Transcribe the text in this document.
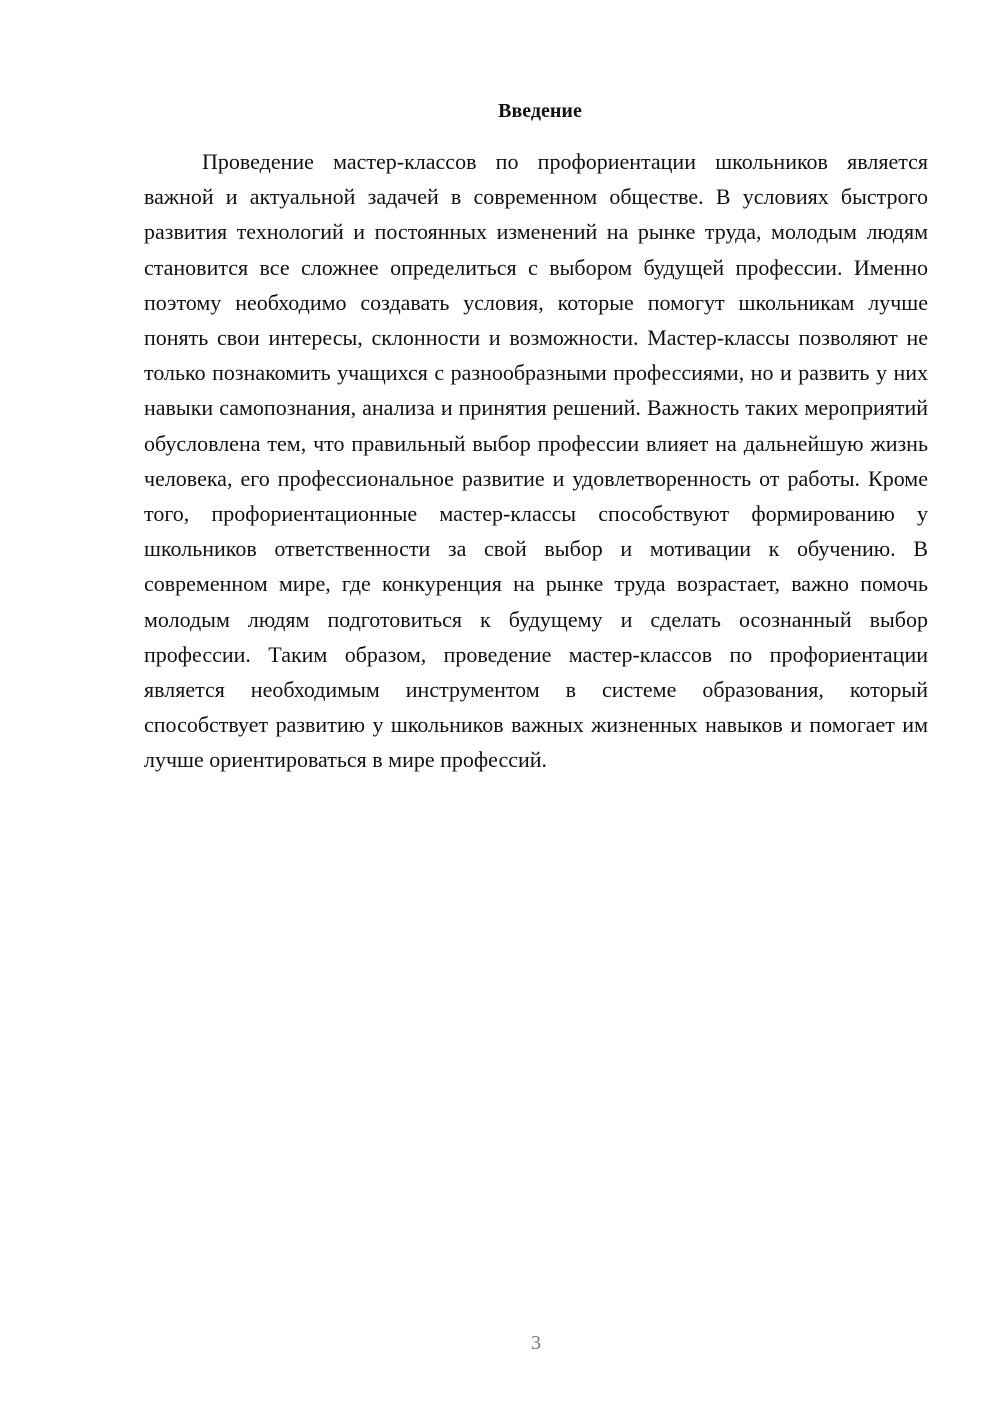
Введение

Проведение мастер-классов по профориентации школьников является важной и актуальной задачей в современном обществе. В условиях быстрого развития технологий и постоянных изменений на рынке труда, молодым людям становится все сложнее определиться с выбором будущей профессии. Именно поэтому необходимо создавать условия, которые помогут школьникам лучше понять свои интересы, склонности и возможности. Мастер-классы позволяют не только познакомить учащихся с разнообразными профессиями, но и развить у них навыки самопознания, анализа и принятия решений. Важность таких мероприятий обусловлена тем, что правильный выбор профессии влияет на дальнейшую жизнь человека, его профессиональное развитие и удовлетворенность от работы. Кроме того, профориентационные мастер-классы способствуют формированию у школьников ответственности за свой выбор и мотивации к обучению. В современном мире, где конкуренция на рынке труда возрастает, важно помочь молодым людям подготовиться к будущему и сделать осознанный выбор профессии. Таким образом, проведение мастер-классов по профориентации является необходимым инструментом в системе образования, который способствует развитию у школьников важных жизненных навыков и помогает им лучше ориентироваться в мире профессий.

3
